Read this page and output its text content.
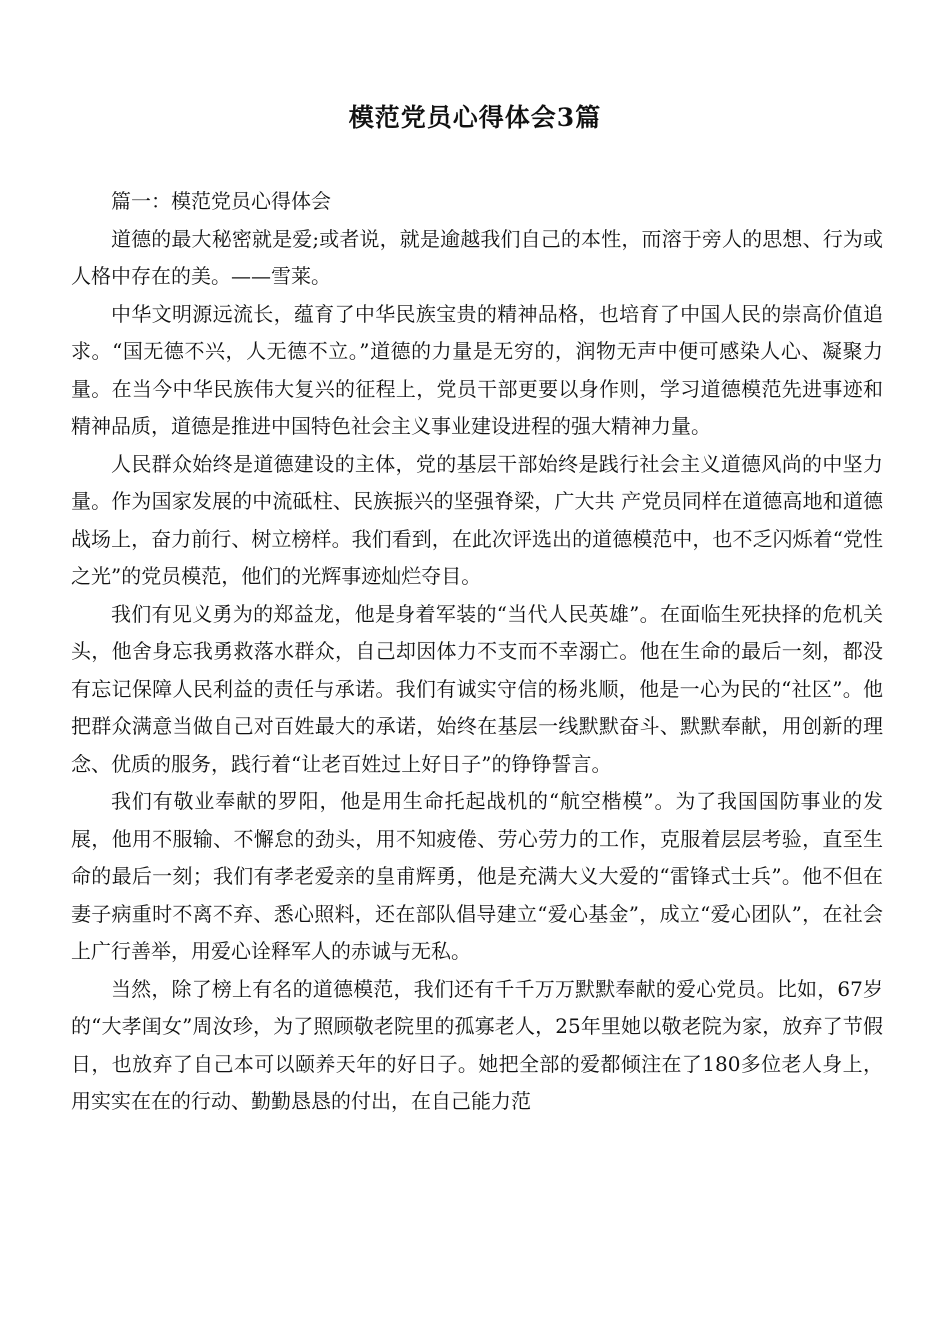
模范党员心得体会3篇

篇一：模范党员心得体会

道德的最大秘密就是爱;或者说，就是逾越我们自己的本性，而溶于旁人的思想、行为或人格中存在的美。——雪莱。

中华文明源远流长，蕴育了中华民族宝贵的精神品格，也培育了中国人民的崇高价值追求。“国无德不兴，人无德不立。”道德的力量是无穷的，润物无声中便可感染人心、凝聚力量。在当今中华民族伟大复兴的征程上，党员干部更要以身作则，学习道德模范先进事迹和精神品质，道德是推进中国特色社会主义事业建设进程的强大精神力量。

人民群众始终是道德建设的主体，党的基层干部始终是践行社会主义道德风尚的中坚力量。作为国家发展的中流砥柱、民族振兴的坚强脊梁，广大共 产党员同样在道德高地和道德战场上，奋力前行、树立榜样。我们看到，在此次评选出的道德模范中，也不乏闪烁着“党性之光”的党员模范，他们的光辉事迹灿烂夺目。

我们有见义勇为的郑益龙，他是身着军装的“当代人民英雄”。在面临生死抉择的危机关头，他舍身忘我勇救落水群众，自己却因体力不支而不幸溺亡。他在生命的最后一刻，都没有忘记保障人民利益的责任与承诺。我们有诚实守信的杨兆顺，他是一心为民的“社区”。他把群众满意当做自己对百姓最大的承诺，始终在基层一线默默奋斗、默默奉献，用创新的理念、优质的服务，践行着“让老百姓过上好日子”的铮铮誓言。

我们有敬业奉献的罗阳，他是用生命托起战机的“航空楷模”。为了我国国防事业的发展，他用不服输、不懈怠的劲头，用不知疲倦、劳心劳力的工作，克服着层层考验，直至生命的最后一刻；我们有孝老爱亲的皇甫辉勇，他是充满大义大爱的“雷锋式士兵”。他不但在妻子病重时不离不弃、悉心照料，还在部队倡导建立“爱心基金”，成立“爱心团队”，在社会上广行善举，用爱心诠释军人的赤诚与无私。

当然，除了榜上有名的道德模范，我们还有千千万万默默奉献的爱心党员。比如，67岁的“大孝闺女”周汝珍，为了照顾敬老院里的孤寡老人，25年里她以敬老院为家，放弃了节假日，也放弃了自己本可以颐养天年的好日子。她把全部的爱都倾注在了180多位老人身上，用实实在在的行动、勤勤恳恳的付出，在自己能力范
